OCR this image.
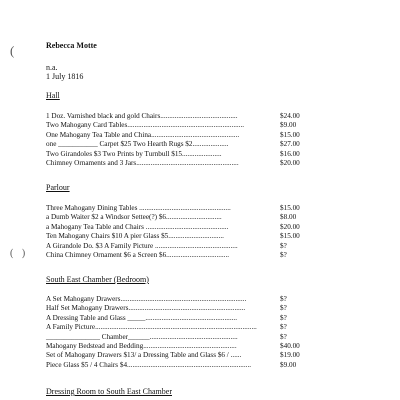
(
( )
Rebecca Motte
n.a.
1 July 1816
Hall
1 Doz. Varnished black and gold Chairs...........................................	$24.00
Two Mahogany Card Tables.................................................................	$9.00
One Mahogany Tea Table and China.................................................	$15.00
one ___________ Carpet $25 Two Hearth Rugs $2....................	$27.00
Two Girandoles $3 Two Prints by Turnbull $15......................	$16.00
Chimney Ornaments and 3 Jars.........................................................	$20.00
Parlour
Three Mahogany Dining Tables ...................................................	$15.00
a Dumb Waiter $2 a Windsor Settee(?) $6...............................	$8.00
a Mahogany Tea Table and Chairs ..............................................	$20.00
Ten Mahogany Chairs $10 A pier Glass $5...............................	$15.00
A Girandole Do. $3 A Family Picture ..............................................	$?
China Chimney Ornament $6 a Screen $6...................................	$?
South East Chamber (Bedroom)
A Set Mahogany Drawers......................................................................	$?
Half Set Mahogany Drawers.................................................................	$?
A Dressing Table and Glass _____...................................................	$?
A Family Picture..........................................................................................	$?
_______________ Chamber______.................................................	$?
Mahogany Bedstead and Bedding....................................................	$40.00
Set of Mahogany Drawers $13/ a Dressing Table and Glass $6 / ......	$19.00
Piece Glass $5 / 4 Chairs $4.....................................................................	$9.00
Dressing Room to South East Chamber
